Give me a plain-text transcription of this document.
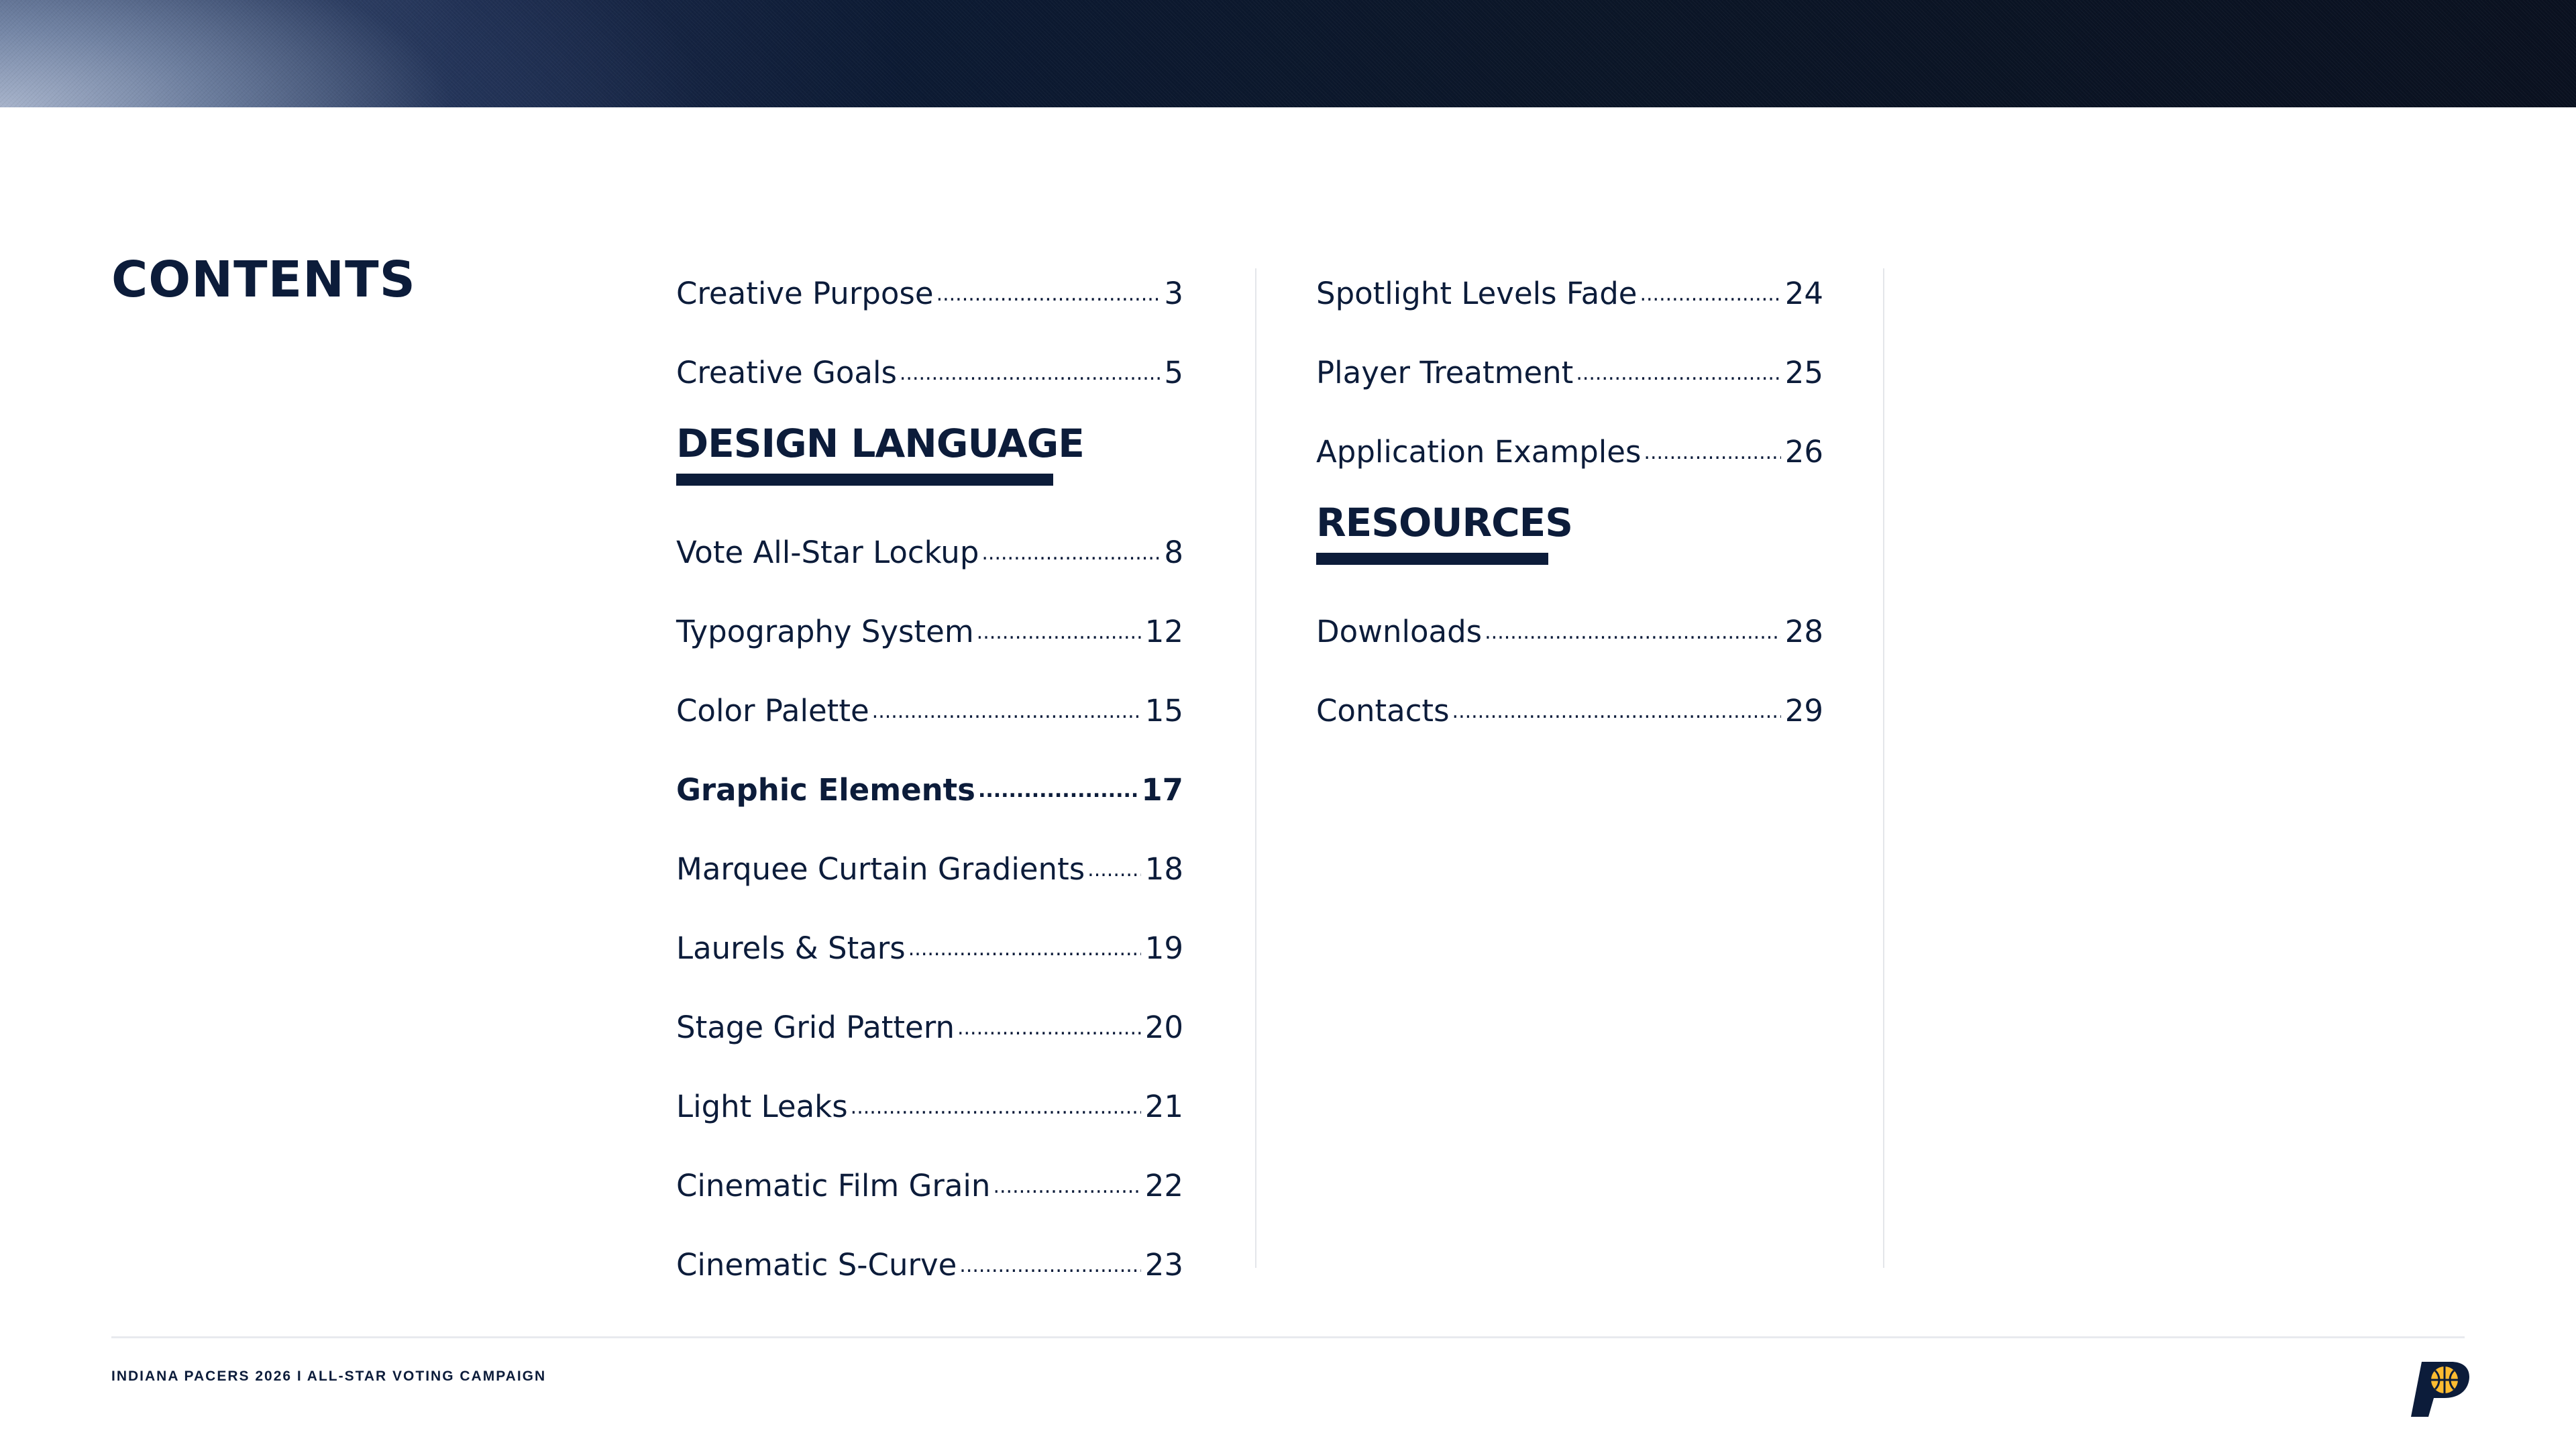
CONTENTS	Creative Purpose .....	3
Creative Goals .....	5
DESIGN LANGUAGE
Vote All-Star Lockup .....	8
Typography System .....	12
Color Palette .....	15
Graphic Elements .....	17
Marquee Curtain Gradients ..... 18
Laurels & Stars .....	19
Stage Grid Pattern .....	20
Light Leaks .....	21
Cinematic Film Grain .....	22
Cinematic S-Curve .....	23
Spotlight Levels Fade .....	24
Player Treatment .....	25
Application Examples .....	26
RESOURCES
Downloads .....	28
Contacts .....	29
INDIANA PACERS 2026 I ALL-STAR VOTING CAMPAIGN
